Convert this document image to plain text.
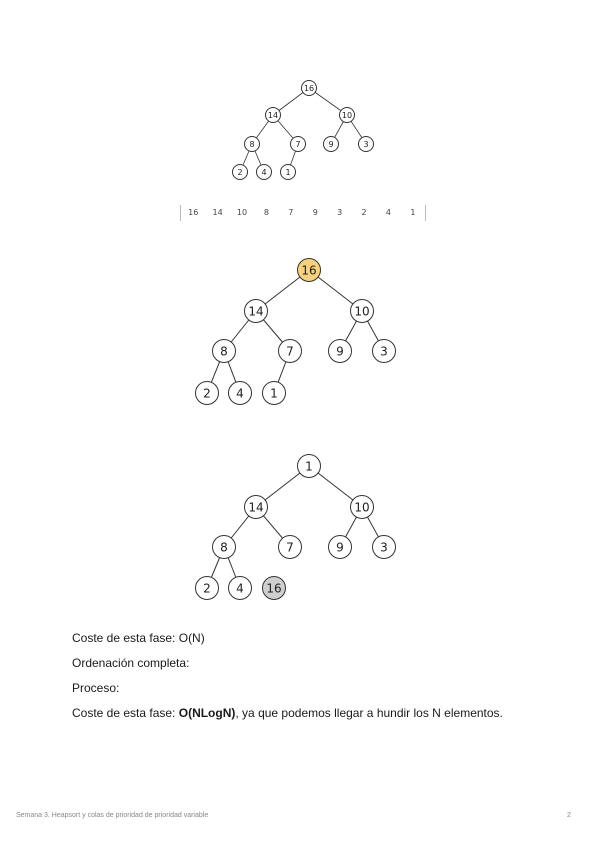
16
14	10
8	7	9	3
2 4 1
16	14	10	8	7	9	3	2	4	1
16
14	10
8	7	9	3
2 4 1
1
14	10
8	7	9	3
2 4 16
Coste de esta fase: O(N)
Ordenación completa:
Proceso:
Coste de esta fase: O(NLogN), ya que podemos llegar a hundir los N elementos.
Semana 3. Heapsort y colas de prioridad de prioridad variable	2
